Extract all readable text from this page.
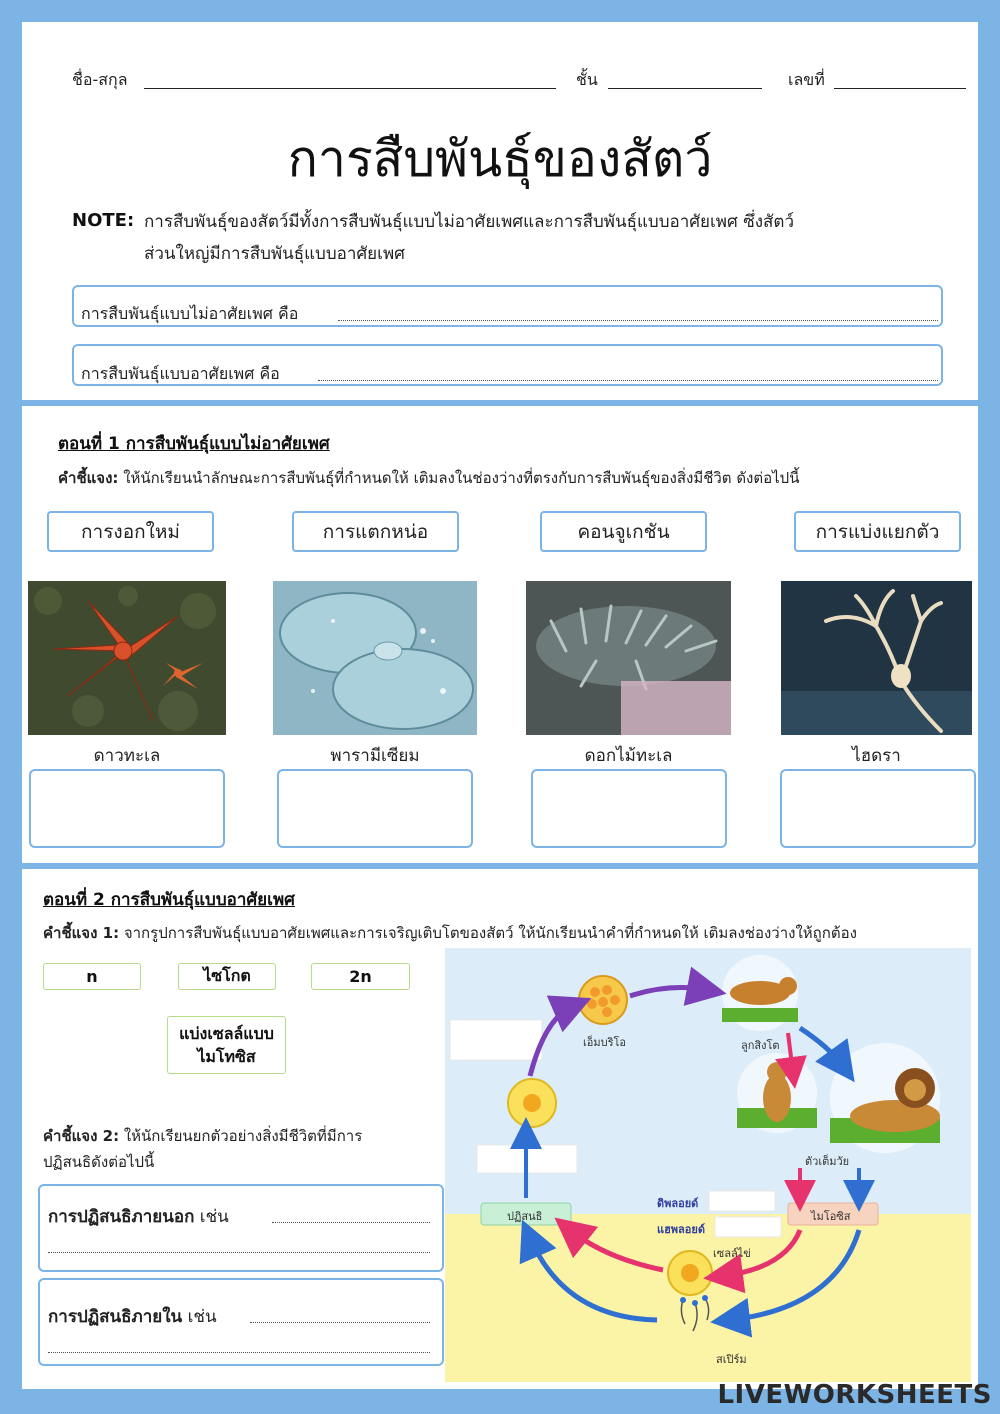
ชื่อ-สกุล	ชั้น	เลขที่
การสืบพันธุ์ของสัตว์
NOTE: การสืบพันธุ์ของสัตว์มีทั้งการสืบพันธุ์แบบไม่อาศัยเพศและการสืบพันธุ์แบบอาศัยเพศ ซึ่งสัตว์
ส่วนใหญ่มีการสืบพันธุ์แบบอาศัยเพศ
การสืบพันธุ์แบบไม่อาศัยเพศ คือ
การสืบพันธุ์แบบอาศัยเพศ คือ
ตอนที่ 1 การสืบพันธุ์แบบไม่อาศัยเพศ
คำชี้แจง: ให้นักเรียนนำลักษณะการสืบพันธุ์ที่กำหนดให้ เติมลงในช่องว่างที่ตรงกับการสืบพันธุ์ของสิ่งมีชีวิต ดังต่อไปนี้
การงอกใหม่	การแตกหน่อ	คอนจูเกชัน	การแบ่งแยกตัว
ดาวทะเล	พารามีเซียม	ดอกไม้ทะเล	ไฮดรา
ตอนที่ 2 การสืบพันธุ์แบบอาศัยเพศ
คำชี้แจง 1: จากรูปการสืบพันธุ์แบบอาศัยเพศและการเจริญเติบโตของสัตว์ ให้นักเรียนนำคำที่กำหนดให้ เติมลงช่องว่างให้ถูกต้อง
n	ไซโกต	2n
แบ่งเซลล์แบบ
ไมโทซิส
คำชี้แจง 2: ให้นักเรียนยกตัวอย่างสิ่งมีชีวิตที่มีการ
ปฏิสนธิดังต่อไปนี้
การปฏิสนธิภายนอก เช่น
การปฏิสนธิภายใน เช่น
เอ็มบริโอ	ลูกสิงโต
ตัวเต็มวัย
ไมโอซิส
ปฏิสนธิ
ดิพลอยด์
แฮพลอยด์
เซลล์ไข่
สเปิร์ม
LIVEWORKSHEETS
